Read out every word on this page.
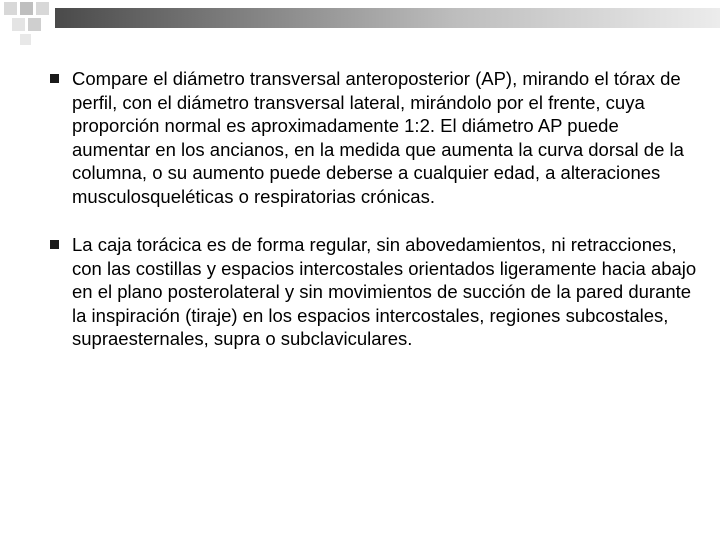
Compare el diámetro transversal anteroposterior (AP), mirando el tórax de perfil, con el diámetro transversal lateral, mirándolo por el frente, cuya proporción normal es aproximadamente 1:2. El diámetro AP puede aumentar en los ancianos, en la medida que aumenta la curva dorsal de la columna, o su aumento puede deberse a cualquier edad, a alteraciones musculosqueléticas o respiratorias crónicas.
La caja torácica es de forma regular, sin abovedamientos, ni retracciones, con las costillas y espacios intercostales orientados ligeramente hacia abajo en el plano posterolateral y sin movimientos de succión de la pared durante la inspiración (tiraje) en los espacios intercostales, regiones subcostales, supraesternales, supra o subclaviculares.
